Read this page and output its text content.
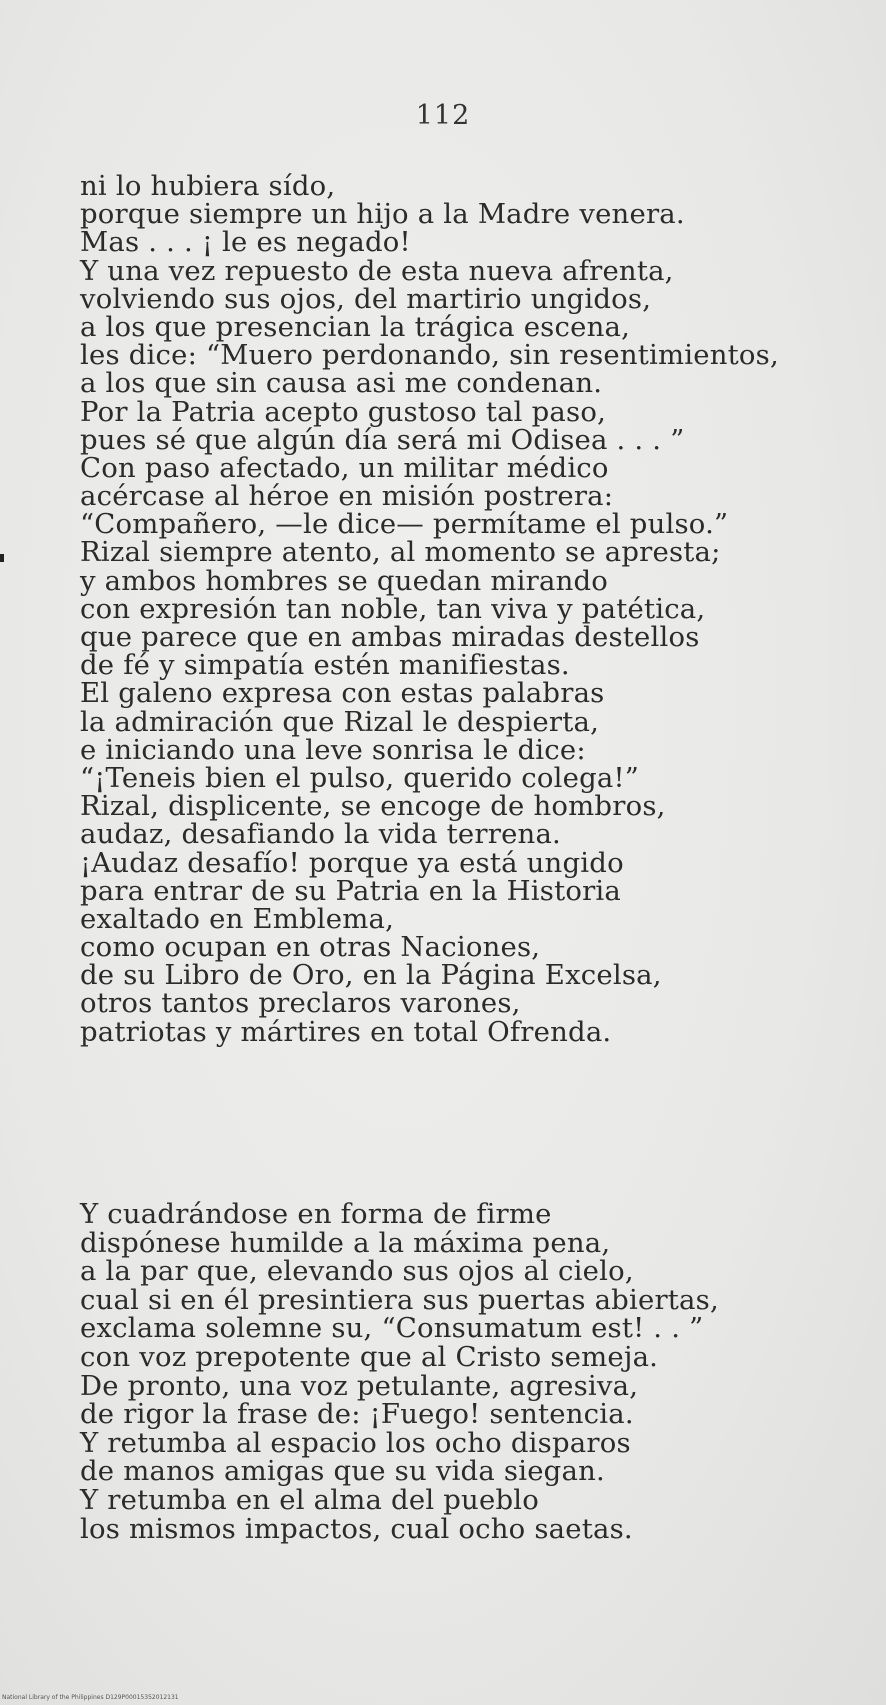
112
ni lo hubiera sído,
porque siempre un hijo a la Madre venera.
Mas . . . ¡ le es negado!
Y una vez repuesto de esta nueva afrenta,
volviendo sus ojos, del martirio ungidos,
a los que presencian la trágica escena,
les dice: “Muero perdonando, sin resentimientos,
a los que sin causa asi me condenan.
Por la Patria acepto gustoso tal paso,
pues sé que algún día será mi Odisea . . . ”
Con paso afectado, un militar médico
acércase al héroe en misión postrera:
“Compañero, —le dice— permítame el pulso.”
Rizal siempre atento, al momento se apresta;
y ambos hombres se quedan mirando
con expresión tan noble, tan viva y patética,
que parece que en ambas miradas destellos
de fé y simpatía estén manifiestas.
El galeno expresa con estas palabras
la admiración que Rizal le despierta,
e iniciando una leve sonrisa le dice:
“¡Teneis bien el pulso, querido colega!”
Rizal, displicente, se encoge de hombros,
audaz, desafiando la vida terrena.
¡Audaz desafío! porque ya está ungido
para entrar de su Patria en la Historia
exaltado en Emblema,
como ocupan en otras Naciones,
de su Libro de Oro, en la Página Excelsa,
otros tantos preclaros varones,
patriotas y mártires en total Ofrenda.
Y cuadrándose en forma de firme
dispónese humilde a la máxima pena,
a la par que, elevando sus ojos al cielo,
cual si en él presintiera sus puertas abiertas,
exclama solemne su, “Consumatum est! . . ”
con voz prepotente que al Cristo semeja.
De pronto, una voz petulante, agresiva,
de rigor la frase de: ¡Fuego! sentencia.
Y retumba al espacio los ocho disparos
de manos amigas que su vida siegan.
Y retumba en el alma del pueblo
los mismos impactos, cual ocho saetas.
National Library of the Philippines D129P00015352012131
